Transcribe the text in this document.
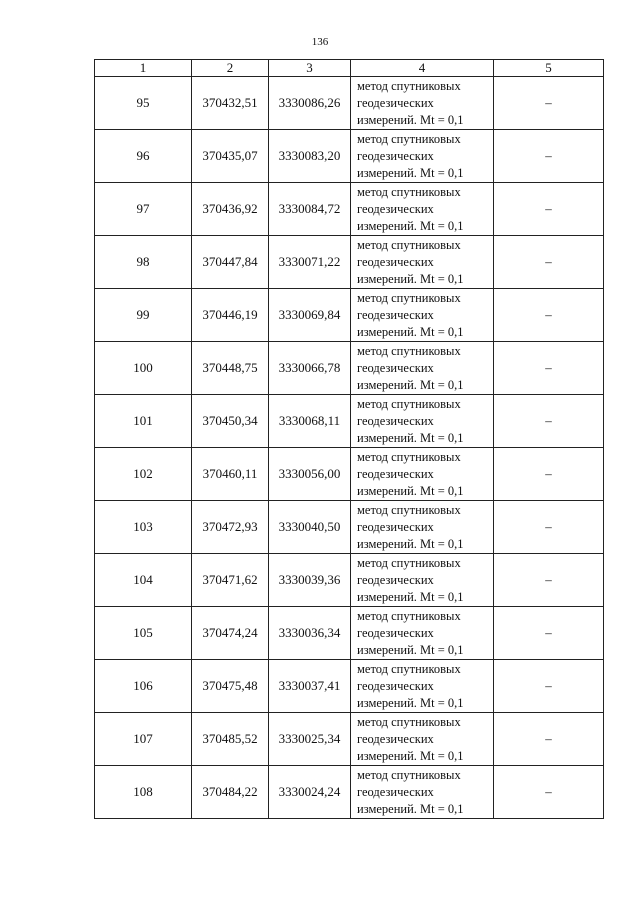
136
1	2	3	4	5
95	370432,51	3330086,26	метод спутниковых
геодезических
измерений. Mt = 0,1	–
96	370435,07	3330083,20	метод спутниковых
геодезических
измерений. Mt = 0,1	–
97	370436,92	3330084,72	метод спутниковых
геодезических
измерений. Mt = 0,1	–
98	370447,84	3330071,22	метод спутниковых
геодезических
измерений. Mt = 0,1	–
99	370446,19	3330069,84	метод спутниковых
геодезических
измерений. Mt = 0,1	–
100	370448,75	3330066,78	метод спутниковых
геодезических
измерений. Mt = 0,1	–
101	370450,34	3330068,11	метод спутниковых
геодезических
измерений. Mt = 0,1	–
102	370460,11	3330056,00	метод спутниковых
геодезических
измерений. Mt = 0,1	–
103	370472,93	3330040,50	метод спутниковых
геодезических
измерений. Mt = 0,1	–
104	370471,62	3330039,36	метод спутниковых
геодезических
измерений. Mt = 0,1	–
105	370474,24	3330036,34	метод спутниковых
геодезических
измерений. Mt = 0,1	–
106	370475,48	3330037,41	метод спутниковых
геодезических
измерений. Mt = 0,1	–
107	370485,52	3330025,34	метод спутниковых
геодезических
измерений. Mt = 0,1	–
108	370484,22	3330024,24	метод спутниковых
геодезических
измерений. Mt = 0,1	–
